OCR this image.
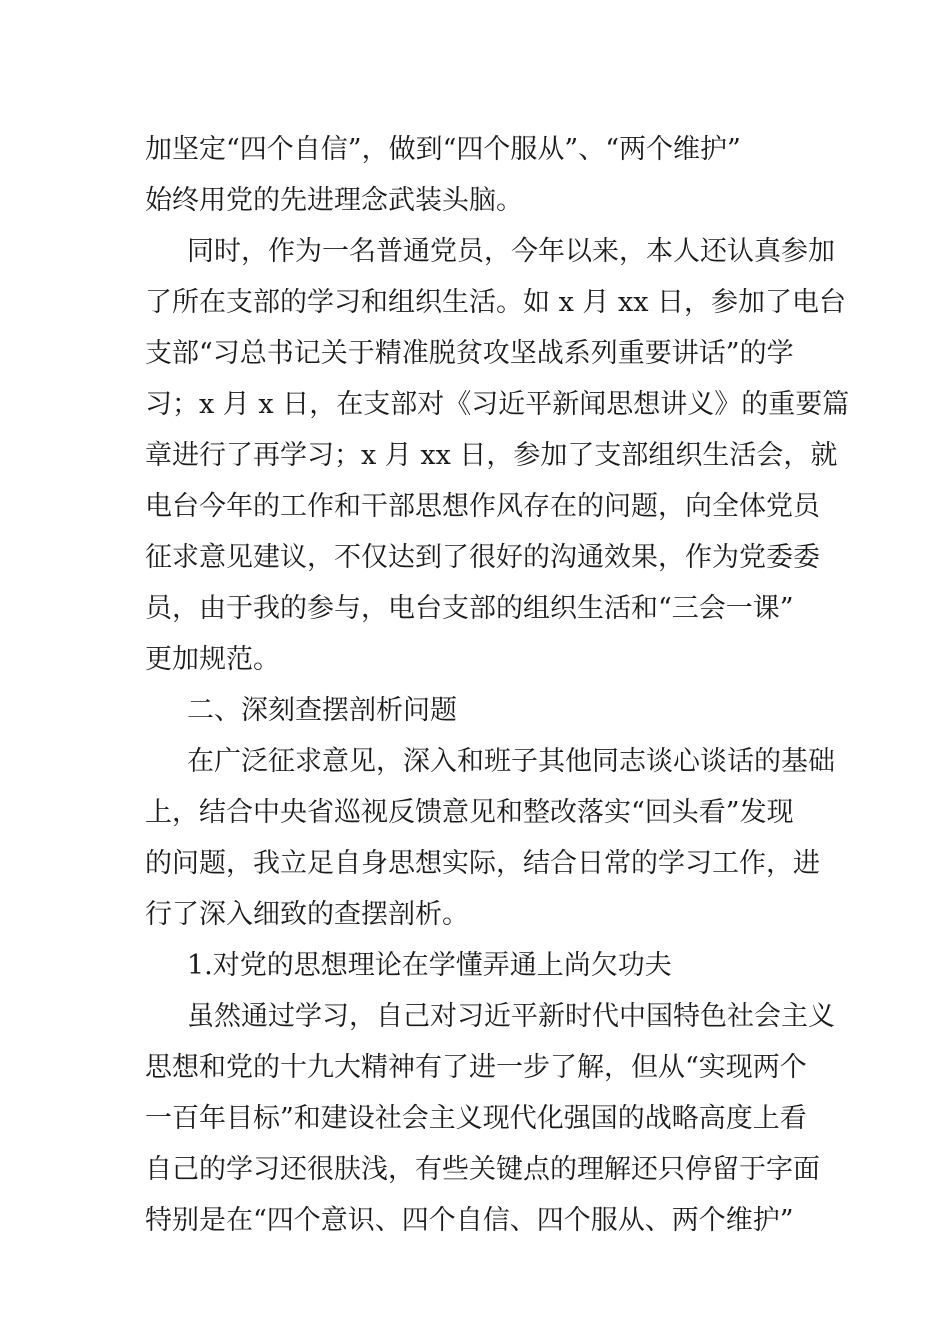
加坚定“四个自信”，做到“四个服从”、“两个维护”
始终用党的先进理念武装头脑。
同时，作为一名普通党员，今年以来，本人还认真参加
了所在支部的学习和组织生活。如 x 月 xx 日，参加了电台
支部“习总书记关于精准脱贫攻坚战系列重要讲话”的学
习；x 月 x 日，在支部对《习近平新闻思想讲义》的重要篇
章进行了再学习；x 月 xx 日，参加了支部组织生活会，就
电台今年的工作和干部思想作风存在的问题，向全体党员
征求意见建议，不仅达到了很好的沟通效果，作为党委委
员，由于我的参与，电台支部的组织生活和“三会一课”
更加规范。
二、深刻查摆剖析问题
在广泛征求意见，深入和班子其他同志谈心谈话的基础
上，结合中央省巡视反馈意见和整改落实“回头看”发现
的问题，我立足自身思想实际，结合日常的学习工作，进
行了深入细致的查摆剖析。
1.对党的思想理论在学懂弄通上尚欠功夫
虽然通过学习，自己对习近平新时代中国特色社会主义
思想和党的十九大精神有了进一步了解，但从“实现两个
一百年目标”和建设社会主义现代化强国的战略高度上看
自己的学习还很肤浅，有些关键点的理解还只停留于字面
特别是在“四个意识、四个自信、四个服从、两个维护”
